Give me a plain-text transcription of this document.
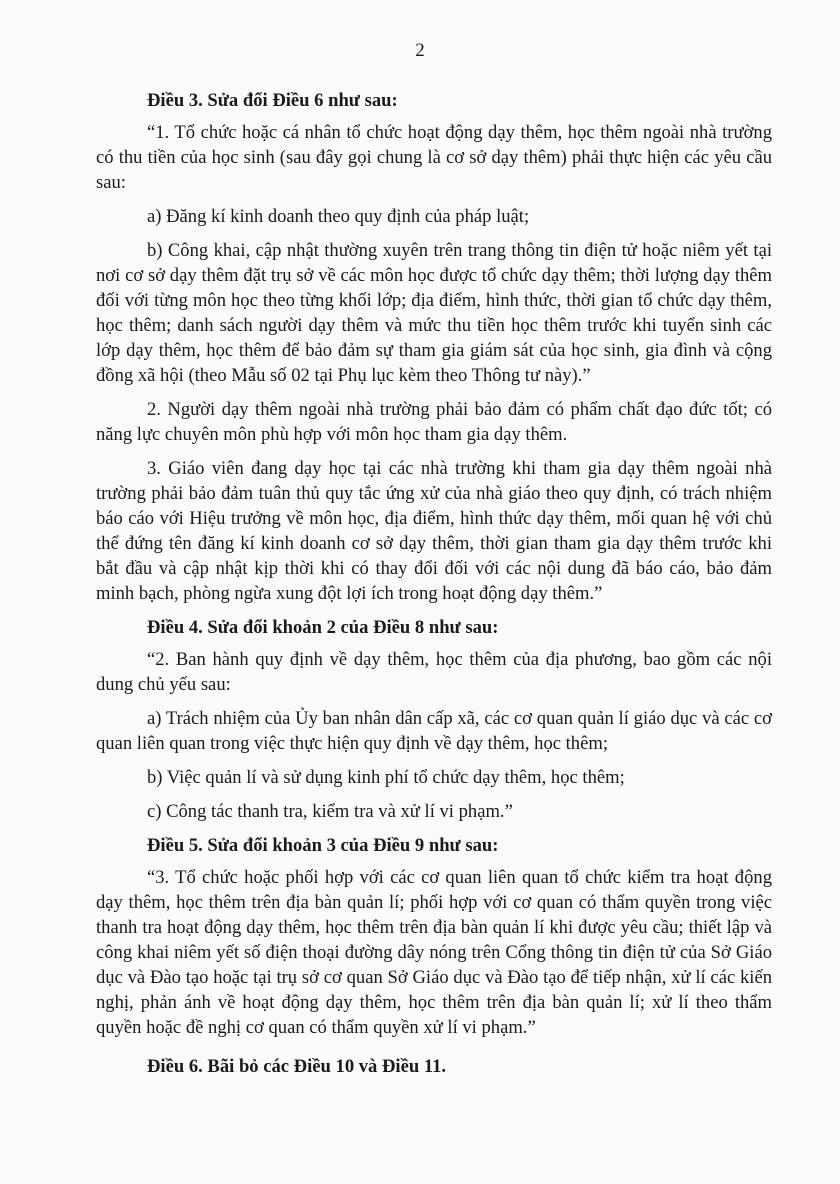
2

Điều 3. Sửa đổi Điều 6 như sau:

“1. Tổ chức hoặc cá nhân tổ chức hoạt động dạy thêm, học thêm ngoài nhà trường có thu tiền của học sinh (sau đây gọi chung là cơ sở dạy thêm) phải thực hiện các yêu cầu sau:

a) Đăng kí kinh doanh theo quy định của pháp luật;

b) Công khai, cập nhật thường xuyên trên trang thông tin điện tử hoặc niêm yết tại nơi cơ sở dạy thêm đặt trụ sở về các môn học được tổ chức dạy thêm; thời lượng dạy thêm đối với từng môn học theo từng khối lớp; địa điểm, hình thức, thời gian tổ chức dạy thêm, học thêm; danh sách người dạy thêm và mức thu tiền học thêm trước khi tuyển sinh các lớp dạy thêm, học thêm để bảo đảm sự tham gia giám sát của học sinh, gia đình và cộng đồng xã hội (theo Mẫu số 02 tại Phụ lục kèm theo Thông tư này).”

2. Người dạy thêm ngoài nhà trường phải bảo đảm có phẩm chất đạo đức tốt; có năng lực chuyên môn phù hợp với môn học tham gia dạy thêm.

3. Giáo viên đang dạy học tại các nhà trường khi tham gia dạy thêm ngoài nhà trường phải bảo đảm tuân thủ quy tắc ứng xử của nhà giáo theo quy định, có trách nhiệm báo cáo với Hiệu trưởng về môn học, địa điểm, hình thức dạy thêm, mối quan hệ với chủ thể đứng tên đăng kí kinh doanh cơ sở dạy thêm, thời gian tham gia dạy thêm trước khi bắt đầu và cập nhật kịp thời khi có thay đổi đối với các nội dung đã báo cáo, bảo đảm minh bạch, phòng ngừa xung đột lợi ích trong hoạt động dạy thêm.”

Điều 4. Sửa đổi khoản 2 của Điều 8 như sau:

“2. Ban hành quy định về dạy thêm, học thêm của địa phương, bao gồm các nội dung chủ yếu sau:

a) Trách nhiệm của Ủy ban nhân dân cấp xã, các cơ quan quản lí giáo dục và các cơ quan liên quan trong việc thực hiện quy định về dạy thêm, học thêm;

b) Việc quản lí và sử dụng kinh phí tổ chức dạy thêm, học thêm;

c) Công tác thanh tra, kiểm tra và xử lí vi phạm.”

Điều 5. Sửa đổi khoản 3 của Điều 9 như sau:

“3. Tổ chức hoặc phối hợp với các cơ quan liên quan tổ chức kiểm tra hoạt động dạy thêm, học thêm trên địa bàn quản lí; phối hợp với cơ quan có thẩm quyền trong việc thanh tra hoạt động dạy thêm, học thêm trên địa bàn quản lí khi được yêu cầu; thiết lập và công khai niêm yết số điện thoại đường dây nóng trên Cổng thông tin điện tử của Sở Giáo dục và Đào tạo hoặc tại trụ sở cơ quan Sở Giáo dục và Đào tạo để tiếp nhận, xử lí các kiến nghị, phản ánh về hoạt động dạy thêm, học thêm trên địa bàn quản lí; xử lí theo thẩm quyền hoặc đề nghị cơ quan có thẩm quyền xử lí vi phạm.”

Điều 6. Bãi bỏ các Điều 10 và Điều 11.
